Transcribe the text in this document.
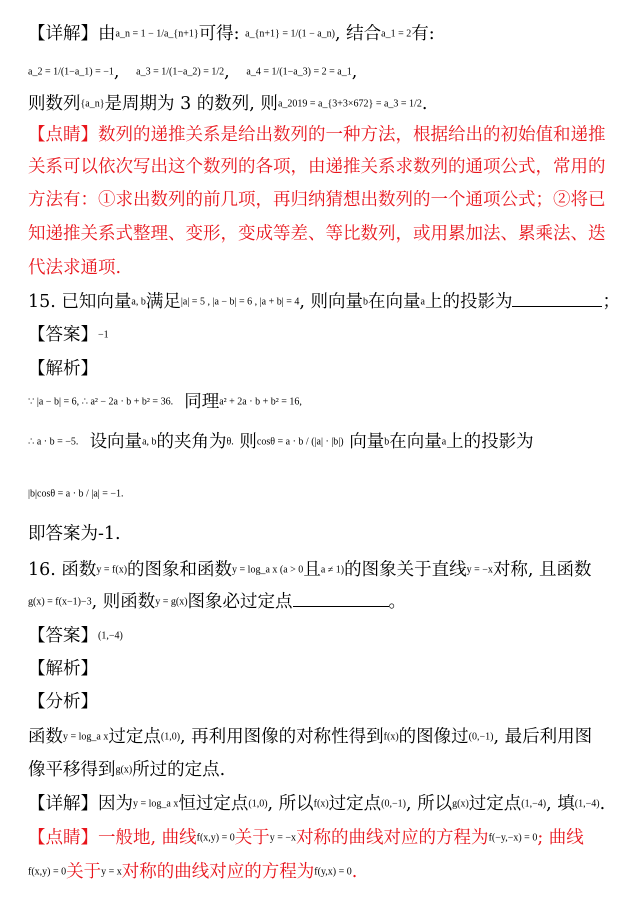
【详解】由a_n = 1 − 1/a_{n+1}可得: a_{n+1} = 1/(1 − a_n), 结合a_1 = 2有:
a_2 = 1/(1−a_1) = −1,   a_3 = 1/(1−a_2) = 1/2,   a_4 = 1/(1−a_3) = 2 = a_1,
则数列{a_n}是周期为 3 的数列, 则a_2019 = a_{3+3×672} = a_3 = 1/2.
【点睛】数列的递推关系是给出数列的一种方法，根据给出的初始值和递推
关系可以依次写出这个数列的各项，由递推关系求数列的通项公式，常用的
方法有：①求出数列的前几项，再归纳猜想出数列的一个通项公式；②将已
知递推关系式整理、变形，变成等差、等比数列，或用累加法、累乘法、迭
代法求通项.
15. 已知向量a, b满足|a| = 5 , |a − b| = 6 , |a + b| = 4, 则向量b在向量a上的投影为	；
【答案】−1
【解析】
∵ |a − b| = 6, ∴ a² − 2a · b + b² = 36. 同理a² + 2a · b + b² = 16,
∴ a · b = −5. 设向量a, b的夹角为θ. 则cosθ = a · b / (|a| · |b|) 向量b在向量a上的投影为
|b|cosθ = a · b / |a| = −1.
即答案为-1.
16. 函数y = f(x)的图象和函数y = log_a x (a > 0且a ≠ 1)的图象关于直线y = −x对称, 且函数
g(x) = f(x−1)−3, 则函数y = g(x)图象必过定点	。
【答案】(1,−4)
【解析】
【分析】
函数y = log_a x过定点(1,0), 再利用图像的对称性得到f(x)的图像过(0,−1), 最后利用图
像平移得到g(x)所过的定点.
【详解】因为y = log_a x恒过定点(1,0), 所以f(x)过定点(0,−1), 所以g(x)过定点(1,−4), 填(1,−4).
【点睛】一般地, 曲线f(x,y) = 0关于y = −x对称的曲线对应的方程为f(−y,−x) = 0; 曲线
f(x,y) = 0关于y = x对称的曲线对应的方程为f(y,x) = 0.
